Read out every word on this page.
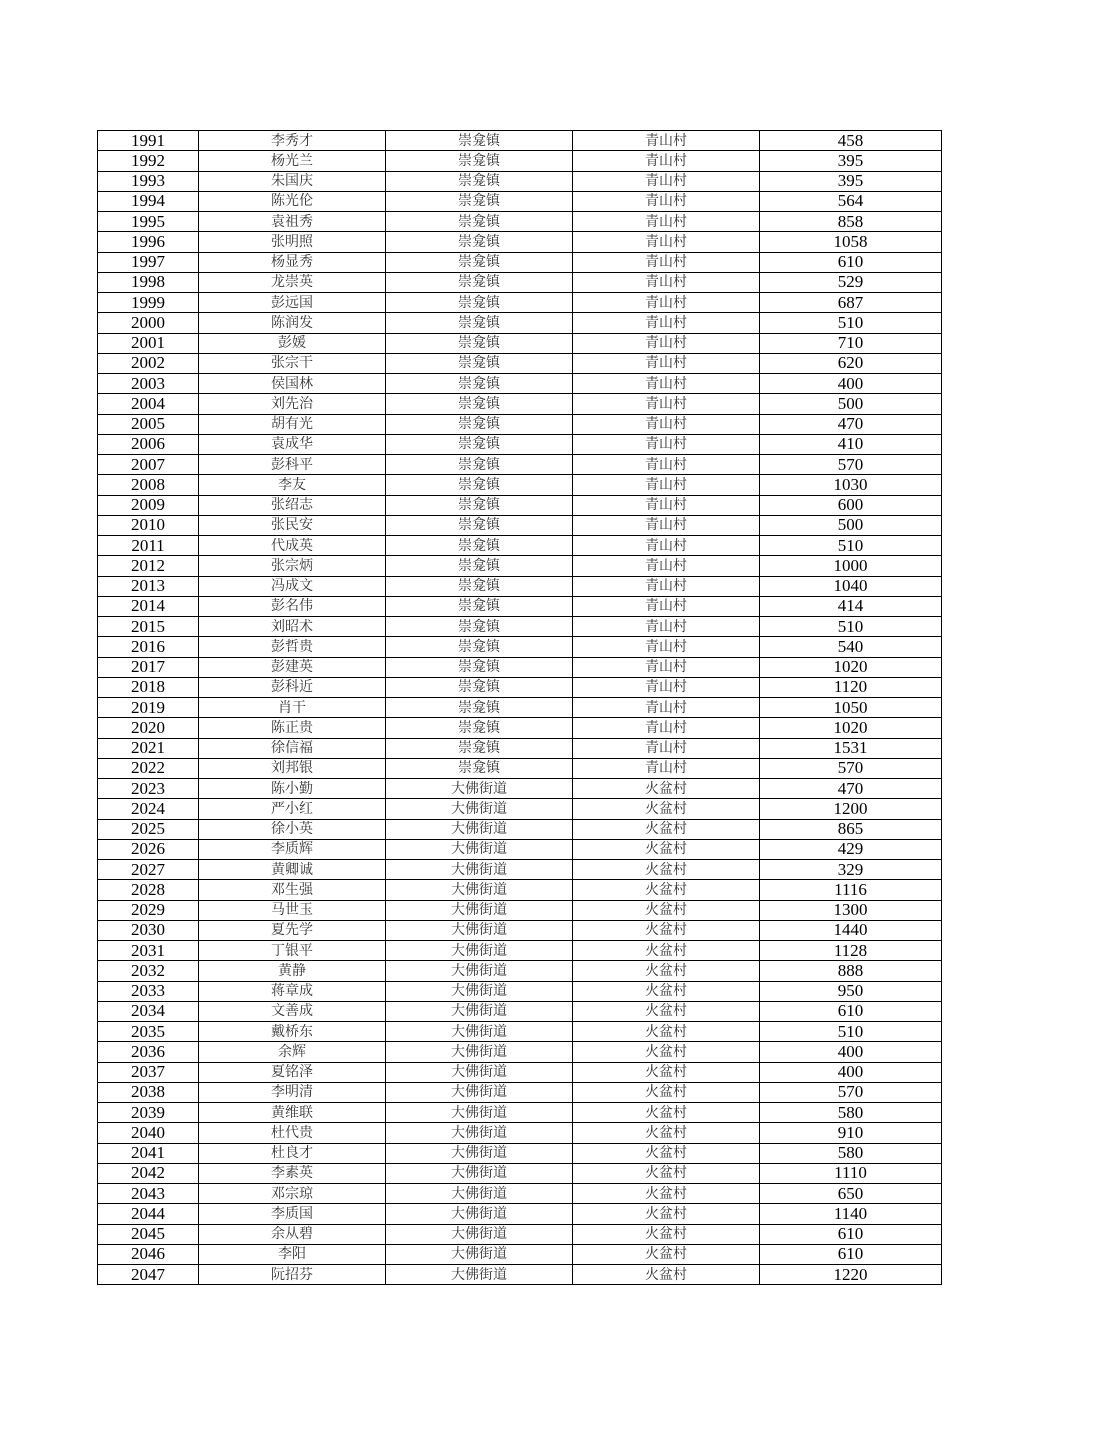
1991	李秀才	崇龛镇	青山村	458
1992	杨光兰	崇龛镇	青山村	395
1993	朱国庆	崇龛镇	青山村	395
1994	陈光伦	崇龛镇	青山村	564
1995	袁祖秀	崇龛镇	青山村	858
1996	张明照	崇龛镇	青山村	1058
1997	杨显秀	崇龛镇	青山村	610
1998	龙崇英	崇龛镇	青山村	529
1999	彭远国	崇龛镇	青山村	687
2000	陈润发	崇龛镇	青山村	510
2001	彭媛	崇龛镇	青山村	710
2002	张宗干	崇龛镇	青山村	620
2003	侯国林	崇龛镇	青山村	400
2004	刘先治	崇龛镇	青山村	500
2005	胡有光	崇龛镇	青山村	470
2006	袁成华	崇龛镇	青山村	410
2007	彭科平	崇龛镇	青山村	570
2008	李友	崇龛镇	青山村	1030
2009	张绍志	崇龛镇	青山村	600
2010	张民安	崇龛镇	青山村	500
2011	代成英	崇龛镇	青山村	510
2012	张宗炳	崇龛镇	青山村	1000
2013	冯成文	崇龛镇	青山村	1040
2014	彭名伟	崇龛镇	青山村	414
2015	刘昭术	崇龛镇	青山村	510
2016	彭哲贵	崇龛镇	青山村	540
2017	彭建英	崇龛镇	青山村	1020
2018	彭科近	崇龛镇	青山村	1120
2019	肖干	崇龛镇	青山村	1050
2020	陈正贵	崇龛镇	青山村	1020
2021	徐信福	崇龛镇	青山村	1531
2022	刘邦银	崇龛镇	青山村	570
2023	陈小勤	大佛街道	火盆村	470
2024	严小红	大佛街道	火盆村	1200
2025	徐小英	大佛街道	火盆村	865
2026	李质辉	大佛街道	火盆村	429
2027	黄卿诚	大佛街道	火盆村	329
2028	邓生强	大佛街道	火盆村	1116
2029	马世玉	大佛街道	火盆村	1300
2030	夏先学	大佛街道	火盆村	1440
2031	丁银平	大佛街道	火盆村	1128
2032	黄静	大佛街道	火盆村	888
2033	蒋章成	大佛街道	火盆村	950
2034	文善成	大佛街道	火盆村	610
2035	戴桥东	大佛街道	火盆村	510
2036	余辉	大佛街道	火盆村	400
2037	夏铭泽	大佛街道	火盆村	400
2038	李明清	大佛街道	火盆村	570
2039	黄维联	大佛街道	火盆村	580
2040	杜代贵	大佛街道	火盆村	910
2041	杜良才	大佛街道	火盆村	580
2042	李素英	大佛街道	火盆村	1110
2043	邓宗琼	大佛街道	火盆村	650
2044	李质国	大佛街道	火盆村	1140
2045	余从碧	大佛街道	火盆村	610
2046	李阳	大佛街道	火盆村	610
2047	阮招芬	大佛街道	火盆村	1220
